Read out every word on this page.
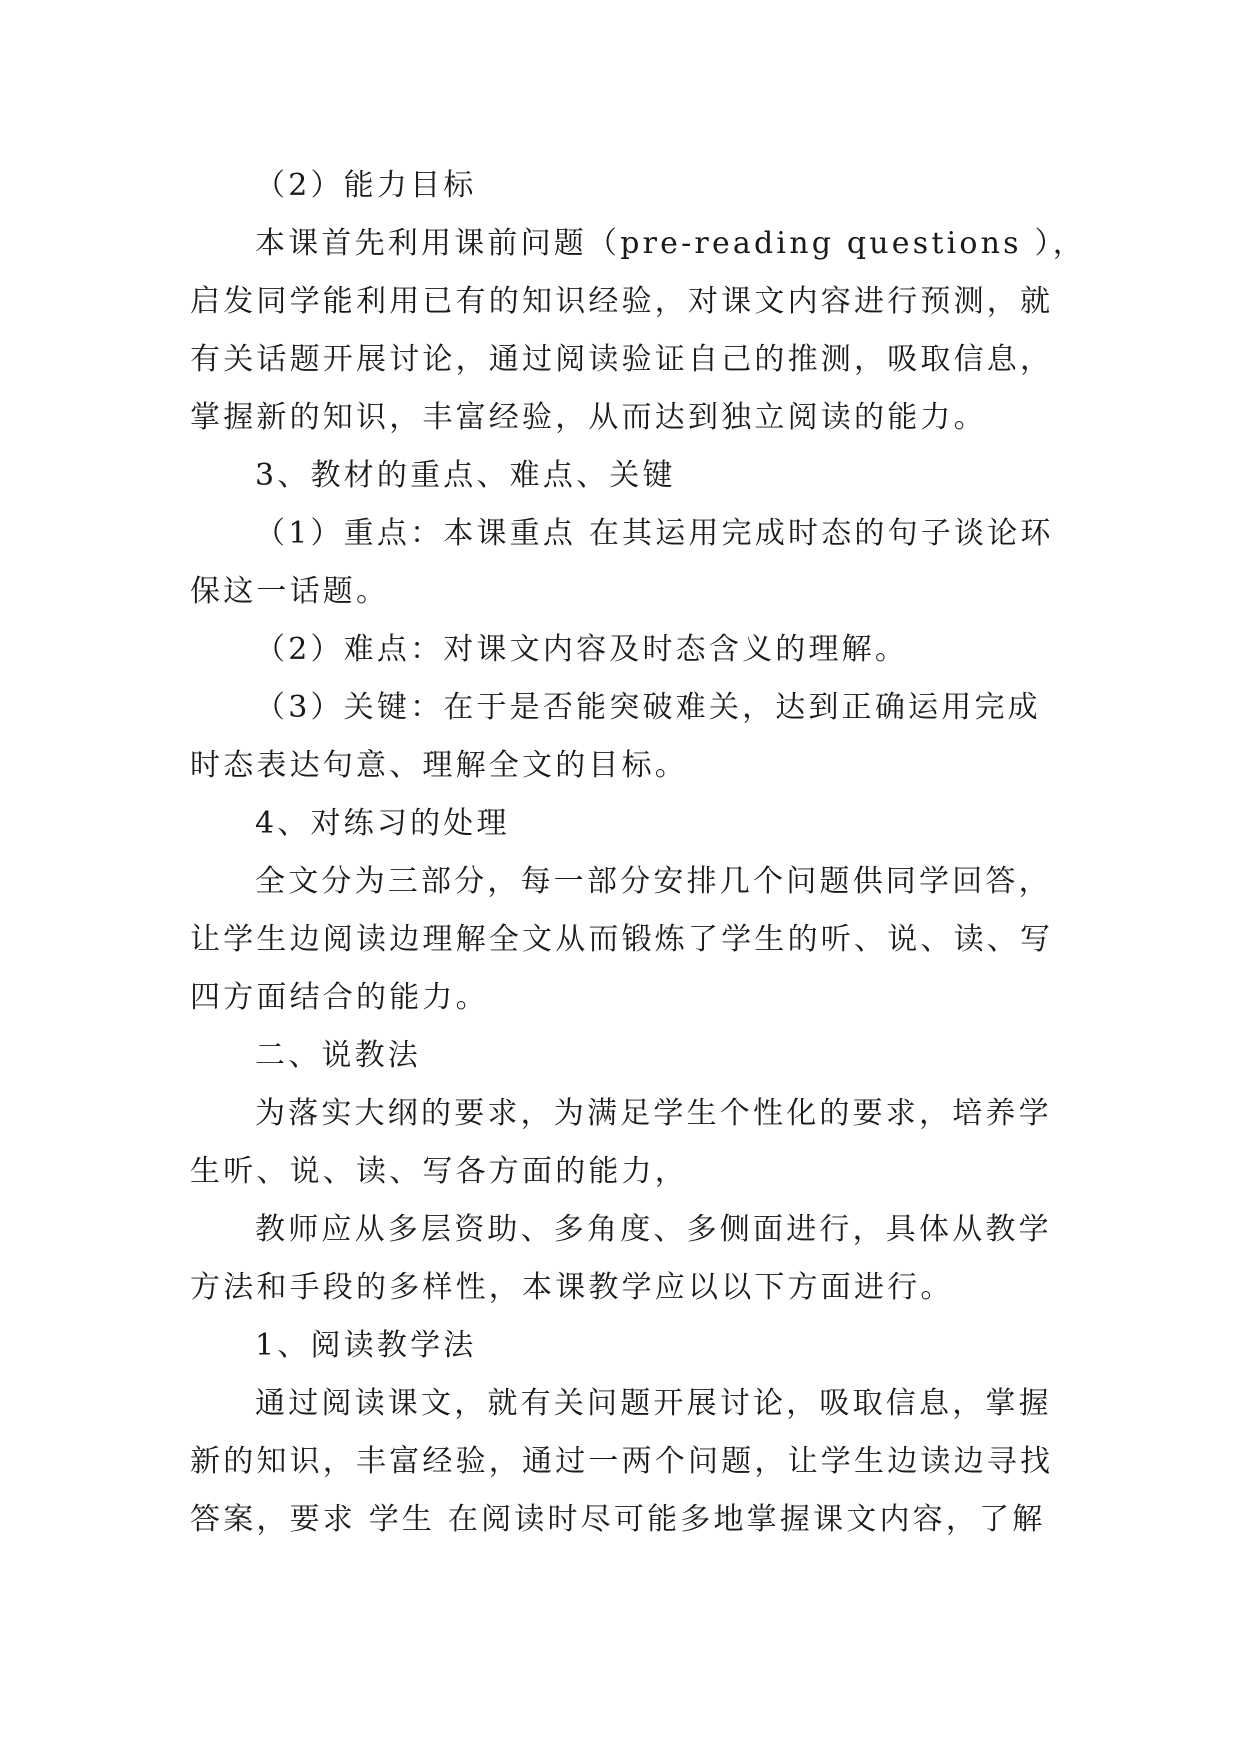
（2）能力目标
本课首先利用课前问题（pre-reading questions ），
启发同学能利用已有的知识经验，对课文内容进行预测，就
有关话题开展讨论，通过阅读验证自己的推测，吸取信息，
掌握新的知识，丰富经验，从而达到独立阅读的能力。
3、教材的重点、难点、关键
（1）重点：本课重点 在其运用完成时态的句子谈论环
保这一话题。
（2）难点：对课文内容及时态含义的理解。
（3）关键：在于是否能突破难关，达到正确运用完成
时态表达句意、理解全文的目标。
4、对练习的处理
全文分为三部分，每一部分安排几个问题供同学回答，
让学生边阅读边理解全文从而锻炼了学生的听、说、读、写
四方面结合的能力。
二、说教法
为落实大纲的要求，为满足学生个性化的要求，培养学
生听、说、读、写各方面的能力，
教师应从多层资助、多角度、多侧面进行，具体从教学
方法和手段的多样性，本课教学应以以下方面进行。
1、阅读教学法
通过阅读课文，就有关问题开展讨论，吸取信息，掌握
新的知识，丰富经验，通过一两个问题，让学生边读边寻找
答案，要求 学生 在阅读时尽可能多地掌握课文内容，了解
